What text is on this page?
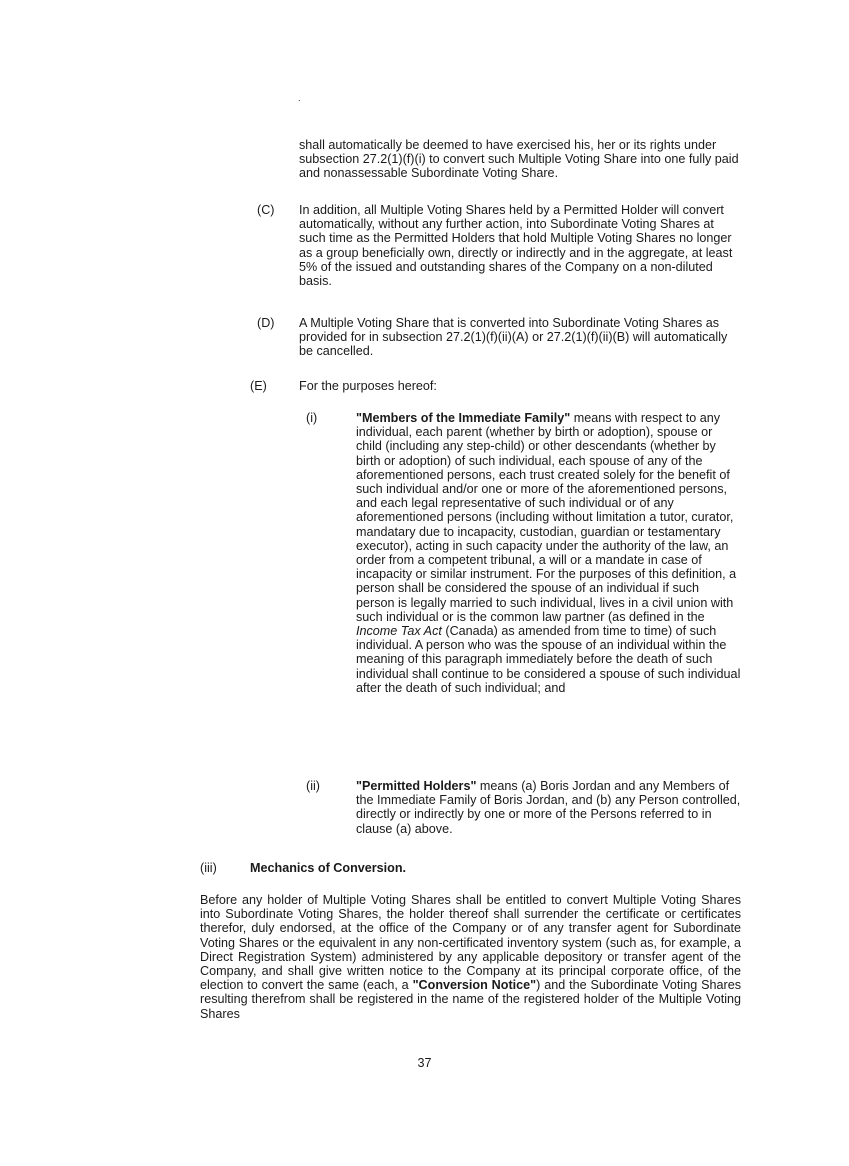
.
shall automatically be deemed to have exercised his, her or its rights under subsection 27.2(1)(f)(i) to convert such Multiple Voting Share into one fully paid and nonassessable Subordinate Voting Share.
(C) In addition, all Multiple Voting Shares held by a Permitted Holder will convert automatically, without any further action, into Subordinate Voting Shares at such time as the Permitted Holders that hold Multiple Voting Shares no longer as a group beneficially own, directly or indirectly and in the aggregate, at least 5% of the issued and outstanding shares of the Company on a non-diluted basis.
(D) A Multiple Voting Share that is converted into Subordinate Voting Shares as provided for in subsection 27.2(1)(f)(ii)(A) or 27.2(1)(f)(ii)(B) will automatically be cancelled.
(E)	For the purposes hereof:
(i)	"Members of the Immediate Family" means with respect to any individual, each parent (whether by birth or adoption), spouse or child (including any step-child) or other descendants (whether by birth or adoption) of such individual, each spouse of any of the aforementioned persons, each trust created solely for the benefit of such individual and/or one or more of the aforementioned persons, and each legal representative of such individual or of any aforementioned persons (including without limitation a tutor, curator, mandatary due to incapacity, custodian, guardian or testamentary executor), acting in such capacity under the authority of the law, an order from a competent tribunal, a will or a mandate in case of incapacity or similar instrument. For the purposes of this definition, a person shall be considered the spouse of an individual if such person is legally married to such individual, lives in a civil union with such individual or is the common law partner (as defined in the Income Tax Act (Canada) as amended from time to time) of such individual. A person who was the spouse of an individual within the meaning of this paragraph immediately before the death of such individual shall continue to be considered a spouse of such individual after the death of such individual; and
(ii)	"Permitted Holders" means (a) Boris Jordan and any Members of the Immediate Family of Boris Jordan, and (b) any Person controlled, directly or indirectly by one or more of the Persons referred to in clause (a) above.
(iii)	Mechanics of Conversion.
Before any holder of Multiple Voting Shares shall be entitled to convert Multiple Voting Shares into Subordinate Voting Shares, the holder thereof shall surrender the certificate or certificates therefor, duly endorsed, at the office of the Company or of any transfer agent for Subordinate Voting Shares or the equivalent in any non-certificated inventory system (such as, for example, a Direct Registration System) administered by any applicable depository or transfer agent of the Company, and shall give written notice to the Company at its principal corporate office, of the election to convert the same (each, a "Conversion Notice") and the Subordinate Voting Shares resulting therefrom shall be registered in the name of the registered holder of the Multiple Voting Shares
37
